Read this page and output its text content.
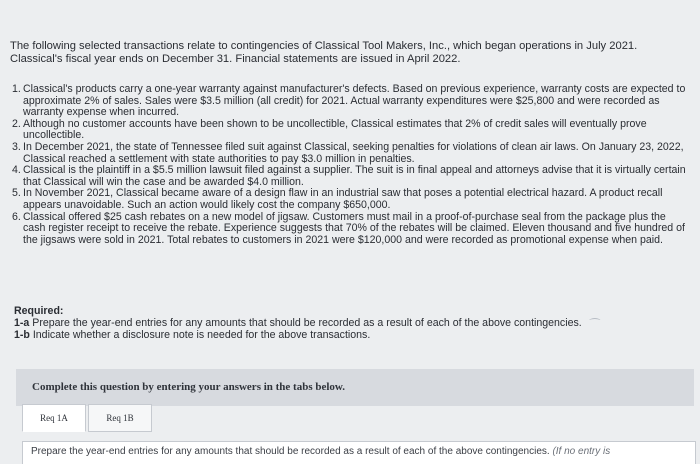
The following selected transactions relate to contingencies of Classical Tool Makers, Inc., which began operations in July 2021. Classical's fiscal year ends on December 31. Financial statements are issued in April 2022.
1. Classical's products carry a one-year warranty against manufacturer's defects. Based on previous experience, warranty costs are expected to approximate 2% of sales. Sales were $3.5 million (all credit) for 2021. Actual warranty expenditures were $25,800 and were recorded as warranty expense when incurred.
2. Although no customer accounts have been shown to be uncollectible, Classical estimates that 2% of credit sales will eventually prove uncollectible.
3. In December 2021, the state of Tennessee filed suit against Classical, seeking penalties for violations of clean air laws. On January 23, 2022, Classical reached a settlement with state authorities to pay $3.0 million in penalties.
4. Classical is the plaintiff in a $5.5 million lawsuit filed against a supplier. The suit is in final appeal and attorneys advise that it is virtually certain that Classical will win the case and be awarded $4.0 million.
5. In November 2021, Classical became aware of a design flaw in an industrial saw that poses a potential electrical hazard. A product recall appears unavoidable. Such an action would likely cost the company $650,000.
6. Classical offered $25 cash rebates on a new model of jigsaw. Customers must mail in a proof-of-purchase seal from the package plus the cash register receipt to receive the rebate. Experience suggests that 70% of the rebates will be claimed. Eleven thousand and five hundred of the jigsaws were sold in 2021. Total rebates to customers in 2021 were $120,000 and were recorded as promotional expense when paid.
Required:
1-a Prepare the year-end entries for any amounts that should be recorded as a result of each of the above contingencies.
1-b Indicate whether a disclosure note is needed for the above transactions.
⁀
Complete this question by entering your answers in the tabs below.
Req 1A	Req 1B
Prepare the year-end entries for any amounts that should be recorded as a result of each of the above contingencies. (If no entry is
